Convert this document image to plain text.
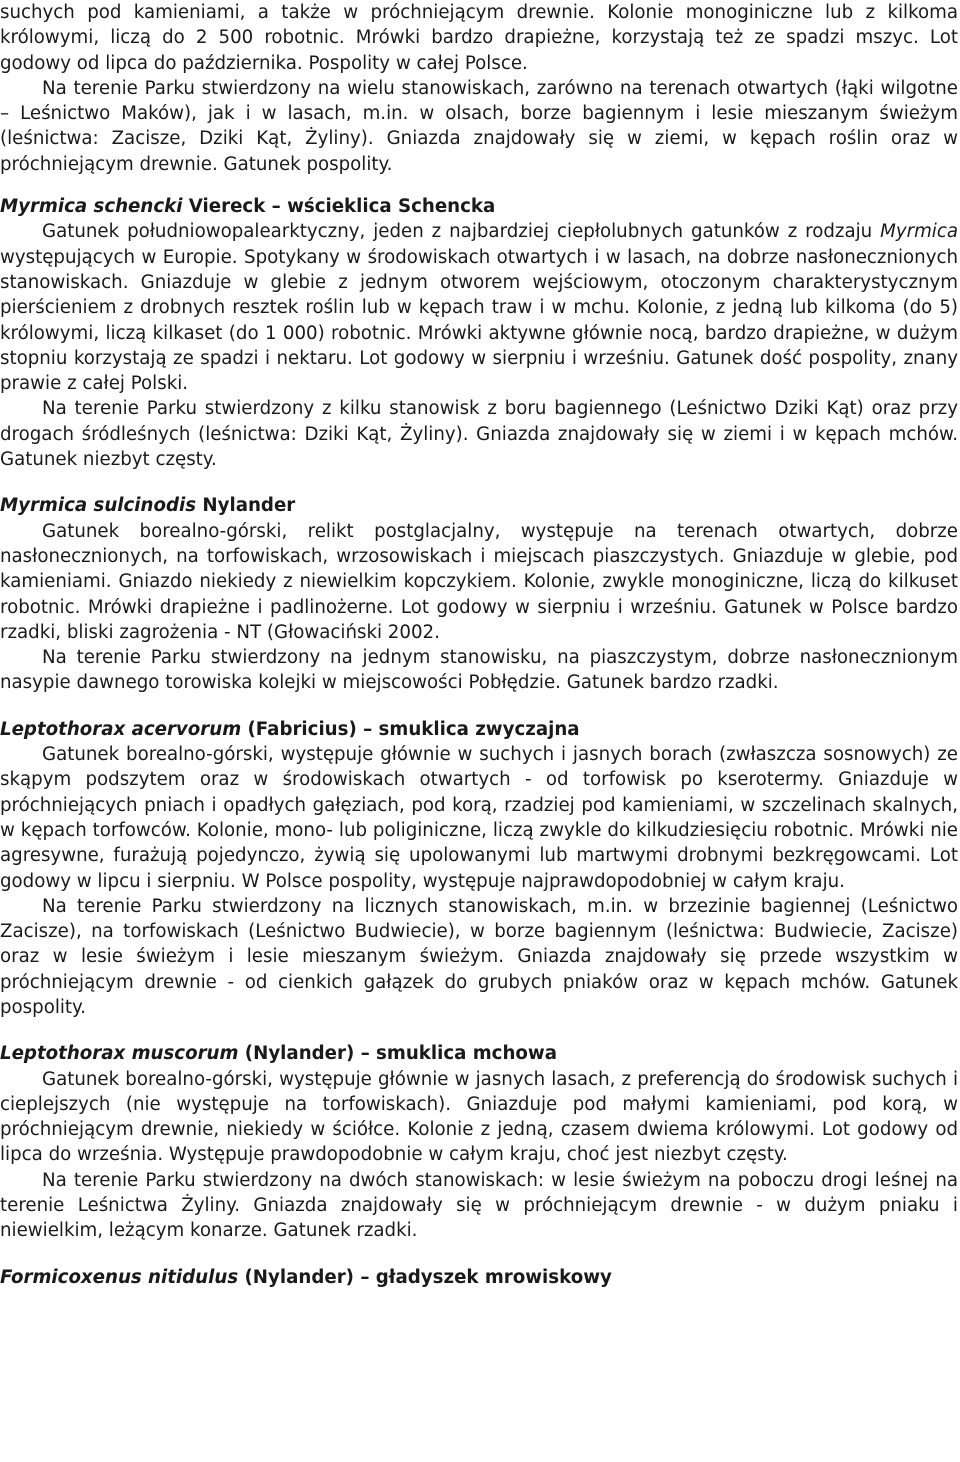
suchych pod kamieniami, a także w próchniejącym drewnie. Kolonie monoginiczne lub z kilkoma królowymi, liczą do 2 500 robotnic. Mrówki bardzo drapieżne, korzystają też ze spadzi mszyc. Lot godowy od lipca do października. Pospolity w całej Polsce.

Na terenie Parku stwierdzony na wielu stanowiskach, zarówno na terenach otwartych (łąki wilgotne – Leśnictwo Maków), jak i w lasach, m.in. w olsach, borze bagiennym i lesie mieszanym świeżym (leśnictwa: Zacisze, Dziki Kąt, Żyliny). Gniazda znajdowały się w ziemi, w kępach roślin oraz w próchniejącym drewnie. Gatunek pospolity.

Myrmica schencki Viereck – wścieklica Schencka

Gatunek południowopalearktyczny, jeden z najbardziej ciepłolubnych gatunków z rodzaju Myrmica występujących w Europie. Spotykany w środowiskach otwartych i w lasach, na dobrze nasłonecznionych stanowiskach. Gniazduje w glebie z jednym otworem wejściowym, otoczonym charakterystycznym pierścieniem z drobnych resztek roślin lub w kępach traw i w mchu. Kolonie, z jedną lub kilkoma (do 5) królowymi, liczą kilkaset (do 1 000) robotnic. Mrówki aktywne głównie nocą, bardzo drapieżne, w dużym stopniu korzystają ze spadzi i nektaru. Lot godowy w sierpniu i wrześniu. Gatunek dość pospolity, znany prawie z całej Polski.

Na terenie Parku stwierdzony z kilku stanowisk z boru bagiennego (Leśnictwo Dziki Kąt) oraz przy drogach śródleśnych (leśnictwa: Dziki Kąt, Żyliny). Gniazda znajdowały się w ziemi i w kępach mchów. Gatunek niezbyt częsty.

Myrmica sulcinodis Nylander

Gatunek borealno-górski, relikt postglacjalny, występuje na terenach otwartych, dobrze nasłonecznionych, na torfowiskach, wrzosowiskach i miejscach piaszczystych. Gniazduje w glebie, pod kamieniami. Gniazdo niekiedy z niewielkim kopczykiem. Kolonie, zwykle monoginiczne, liczą do kilkuset robotnic. Mrówki drapieżne i padlinożerne. Lot godowy w sierpniu i wrześniu. Gatunek w Polsce bardzo rzadki, bliski zagrożenia - NT (Głowaciński 2002.

Na terenie Parku stwierdzony na jednym stanowisku, na piaszczystym, dobrze nasłonecznionym nasypie dawnego torowiska kolejki w miejscowości Pobłędzie. Gatunek bardzo rzadki.

Leptothorax acervorum (Fabricius) – smuklica zwyczajna

Gatunek borealno-górski, występuje głównie w suchych i jasnych borach (zwłaszcza sosnowych) ze skąpym podszytem oraz w środowiskach otwartych - od torfowisk po kserotermy. Gniazduje w próchniejących pniach i opadłych gałęziach, pod korą, rzadziej pod kamieniami, w szczelinach skalnych, w kępach torfowców. Kolonie, mono- lub poliginiczne, liczą zwykle do kilkudziesięciu robotnic. Mrówki nie agresywne, furażują pojedynczo, żywią się upolowanymi lub martwymi drobnymi bezkręgowcami. Lot godowy w lipcu i sierpniu. W Polsce pospolity, występuje najprawdopodobniej w całym kraju.

Na terenie Parku stwierdzony na licznych stanowiskach, m.in. w brzezinie bagiennej (Leśnictwo Zacisze), na torfowiskach (Leśnictwo Budwiecie), w borze bagiennym (leśnictwa: Budwiecie, Zacisze) oraz w lesie świeżym i lesie mieszanym świeżym. Gniazda znajdowały się przede wszystkim w próchniejącym drewnie - od cienkich gałązek do grubych pniaków oraz w kępach mchów. Gatunek pospolity.

Leptothorax muscorum (Nylander) – smuklica mchowa

Gatunek borealno-górski, występuje głównie w jasnych lasach, z preferencją do środowisk suchych i cieplejszych (nie występuje na torfowiskach). Gniazduje pod małymi kamieniami, pod korą, w próchniejącym drewnie, niekiedy w ściółce. Kolonie z jedną, czasem dwiema królowymi. Lot godowy od lipca do września. Występuje prawdopodobnie w całym kraju, choć jest niezbyt częsty.

Na terenie Parku stwierdzony na dwóch stanowiskach: w lesie świeżym na poboczu drogi leśnej na terenie Leśnictwa Żyliny. Gniazda znajdowały się w próchniejącym drewnie - w dużym pniaku i niewielkim, leżącym konarze. Gatunek rzadki.

Formicoxenus nitidulus (Nylander) – gładyszek mrowiskowy
